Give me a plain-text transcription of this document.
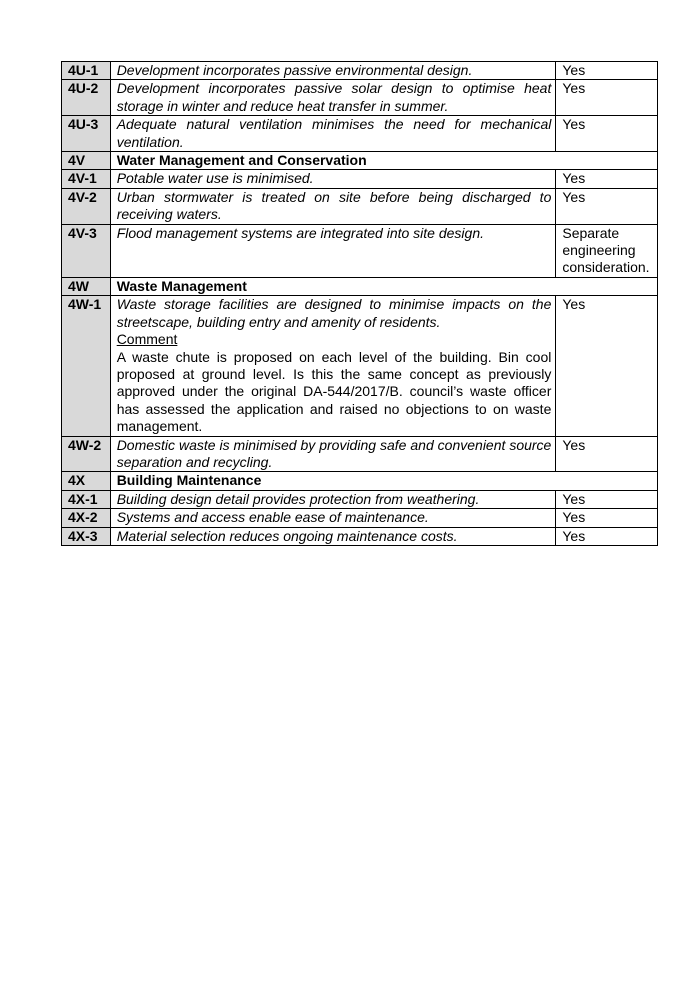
4U-1	Development incorporates passive environmental design.	Yes
4U-2	Development incorporates passive solar design to optimise heat storage in winter and reduce heat transfer in summer.	Yes
4U-3	Adequate natural ventilation minimises the need for mechanical ventilation.	Yes
4V	Water Management and Conservation	
4V-1	Potable water use is minimised.	Yes
4V-2	Urban stormwater is treated on site before being discharged to receiving waters.	Yes
4V-3	Flood management systems are integrated into site design.	Separate engineering consideration.
4W	Waste Management	
4W-1	Waste storage facilities are designed to minimise impacts on the streetscape, building entry and amenity of residents.
Comment
A waste chute is proposed on each level of the building. Bin cool proposed at ground level. Is this the same concept as previously approved under the original DA-544/2017/B. council’s waste officer has assessed the application and raised no objections to on waste management.	Yes
4W-2	Domestic waste is minimised by providing safe and convenient source separation and recycling.	Yes
4X	Building Maintenance	
4X-1	Building design detail provides protection from weathering.	Yes
4X-2	Systems and access enable ease of maintenance.	Yes
4X-3	Material selection reduces ongoing maintenance costs.	Yes
